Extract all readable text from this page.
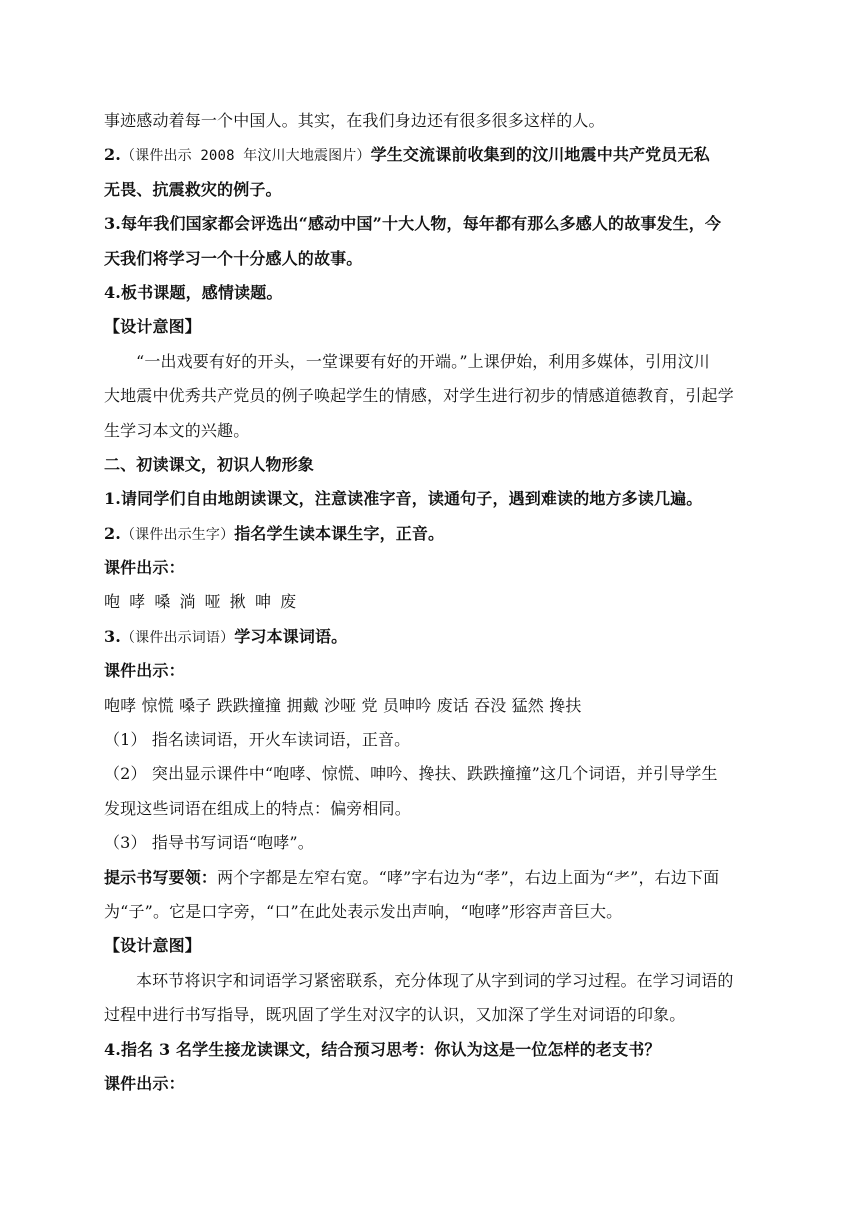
事迹感动着每一个中国人。其实，在我们身边还有很多很多这样的人。
2.（课件出示 2008 年汶川大地震图片）学生交流课前收集到的汶川地震中共产党员无私
无畏、抗震救灾的例子。
3.每年我们国家都会评选出“感动中国”十大人物，每年都有那么多感人的故事发生，今
天我们将学习一个十分感人的故事。
4.板书课题，感情读题。
【设计意图】
“一出戏要有好的开头，一堂课要有好的开端。”上课伊始，利用多媒体，引用汶川
大地震中优秀共产党员的例子唤起学生的情感，对学生进行初步的情感道德教育，引起学
生学习本文的兴趣。
二、初读课文，初识人物形象
1.请同学们自由地朗读课文，注意读准字音，读通句子，遇到难读的地方多读几遍。
2.（课件出示生字）指名学生读本课生字，正音。
课件出示：
咆 哮 嗓 淌 哑 揪 呻 废
3.（课件出示词语）学习本课词语。
课件出示：
咆哮 惊慌 嗓子 跌跌撞撞 拥戴 沙哑 党 员呻吟 废话 吞没 猛然 搀扶
（1） 指名读词语，开火车读词语，正音。
（2） 突出显示课件中“咆哮、惊慌、呻吟、搀扶、跌跌撞撞”这几个词语，并引导学生
发现这些词语在组成上的特点：偏旁相同。
（3） 指导书写词语“咆哮”。
提示书写要领：两个字都是左窄右宽。“哮”字右边为“孝”，右边上面为“耂”，右边下面
为“子”。它是口字旁，“口”在此处表示发出声响，“咆哮”形容声音巨大。
【设计意图】
本环节将识字和词语学习紧密联系，充分体现了从字到词的学习过程。在学习词语的
过程中进行书写指导，既巩固了学生对汉字的认识，又加深了学生对词语的印象。
4.指名 3 名学生接龙读课文，结合预习思考：你认为这是一位怎样的老支书？
课件出示：
